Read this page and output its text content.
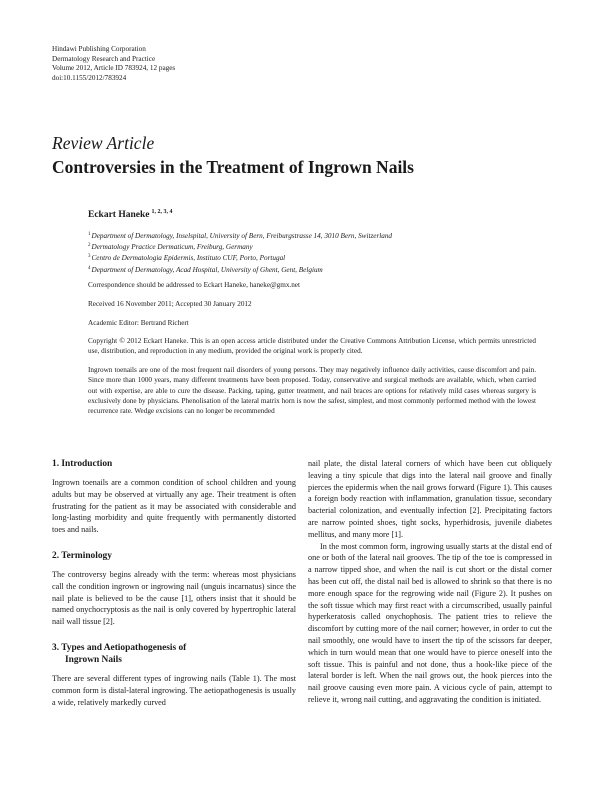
Hindawi Publishing Corporation
Dermatology Research and Practice
Volume 2012, Article ID 783924, 12 pages
doi:10.1155/2012/783924
Review Article
Controversies in the Treatment of Ingrown Nails
Eckart Haneke $^{1, 2, 3, 4}$
$^1$Department of Dermatology, Inselspital, University of Bern, Freiburgstrasse 14, 3010 Bern, Switzerland
$^2$Dermatology Practice Dermaticum, Freiburg, Germany
$^3$Centro de Dermatologia Epidermis, Instituto CUF, Porto, Portugal
$^4$Department of Dermatology, Acad Hospital, University of Ghent, Gent, Belgium
Correspondence should be addressed to Eckart Haneke, haneke@gmx.net
Received 16 November 2011; Accepted 30 January 2012
Academic Editor: Bertrand Richert
Copyright © 2012 Eckart Haneke. This is an open access article distributed under the Creative Commons Attribution License, which permits unrestricted use, distribution, and reproduction in any medium, provided the original work is properly cited.
Ingrown toenails are one of the most frequent nail disorders of young persons. They may negatively influence daily activities, cause discomfort and pain. Since more than 1000 years, many different treatments have been proposed. Today, conservative and surgical methods are available, which, when carried out with expertise, are able to cure the disease. Packing, taping, gutter treatment, and nail braces are options for relatively mild cases whereas surgery is exclusively done by physicians. Phenolisation of the lateral matrix horn is now the safest, simplest, and most commonly performed method with the lowest recurrence rate. Wedge excisions can no longer be recommended
1. Introduction

Ingrown toenails are a common condition of school children and young adults but may be observed at virtually any age. Their treatment is often frustrating for the patient as it may be associated with considerable and long-lasting morbidity and quite frequently with permanently distorted toes and nails.

2. Terminology

The controversy begins already with the term: whereas most physicians call the condition ingrown or ingrowing nail (unguis incarnatus) since the nail plate is believed to be the cause [1], others insist that it should be named onychocryptosis as the nail is only covered by hypertrophic lateral nail wall tissue [2].

3. Types and Aetiopathogenesis of
Ingrown Nails

There are several different types of ingrowing nails (Table 1). The most common form is distal-lateral ingrowing. The aetiopathogenesis is usually a wide, relatively markedly curved

nail plate, the distal lateral corners of which have been cut obliquely leaving a tiny spicule that digs into the lateral nail groove and finally pierces the epidermis when the nail grows forward (Figure 1). This causes a foreign body reaction with inflammation, granulation tissue, secondary bacterial colonization, and eventually infection [2]. Precipitating factors are narrow pointed shoes, tight socks, hyperhidrosis, juvenile diabetes mellitus, and many more [1].

In the most common form, ingrowing usually starts at the distal end of one or both of the lateral nail grooves. The tip of the toe is compressed in a narrow tipped shoe, and when the nail is cut short or the distal corner has been cut off, the distal nail bed is allowed to shrink so that there is no more enough space for the regrowing wide nail (Figure 2). It pushes on the soft tissue which may first react with a circumscribed, usually painful hyperkeratosis called onychophosis. The patient tries to relieve the discomfort by cutting more of the nail corner; however, in order to cut the nail smoothly, one would have to insert the tip of the scissors far deeper, which in turn would mean that one would have to pierce oneself into the soft tissue. This is painful and not done, thus a hook-like piece of the lateral border is left. When the nail grows out, the hook pierces into the nail groove causing even more pain. A vicious cycle of pain, attempt to relieve it, wrong nail cutting, and aggravating the condition is initiated.
